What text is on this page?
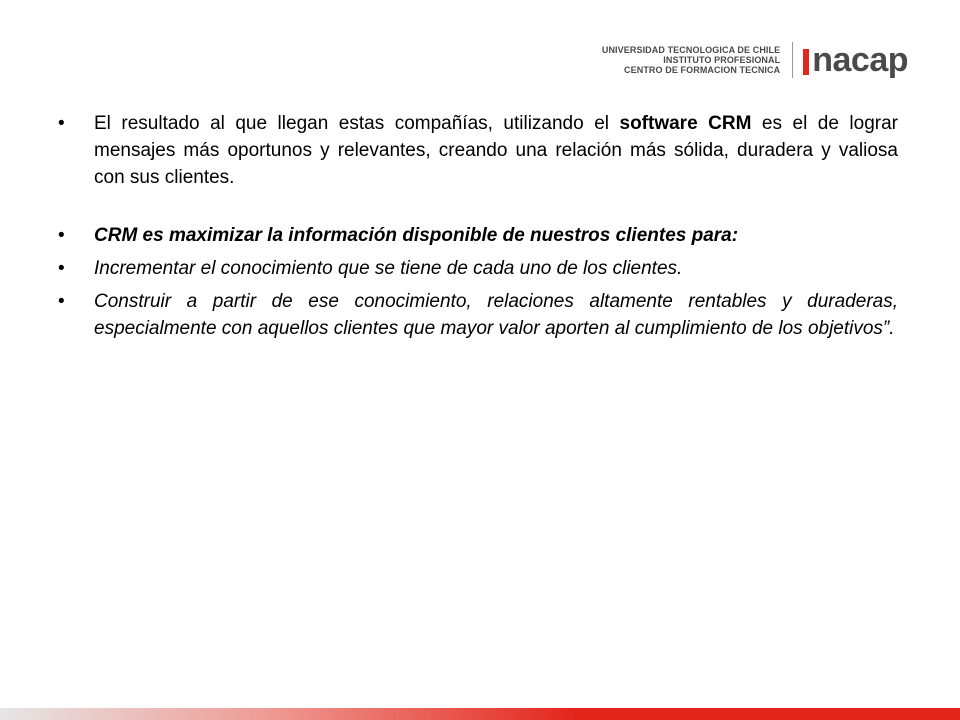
UNIVERSIDAD TECNOLOGICA DE CHILE
INSTITUTO PROFESIONAL
CENTRO DE FORMACION TECNICA nacap
•	El resultado al que llegan estas compañías, utilizando el software CRM es el de lograr mensajes más oportunos y relevantes, creando una relación más sólida, duradera y valiosa con sus clientes.
•	CRM es maximizar la información disponible de nuestros clientes para:
•	Incrementar el conocimiento que se tiene de cada uno de los clientes.
•	Construir a partir de ese conocimiento, relaciones altamente rentables y duraderas, especialmente con aquellos clientes que mayor valor aporten al cumplimiento de los objetivos”.
